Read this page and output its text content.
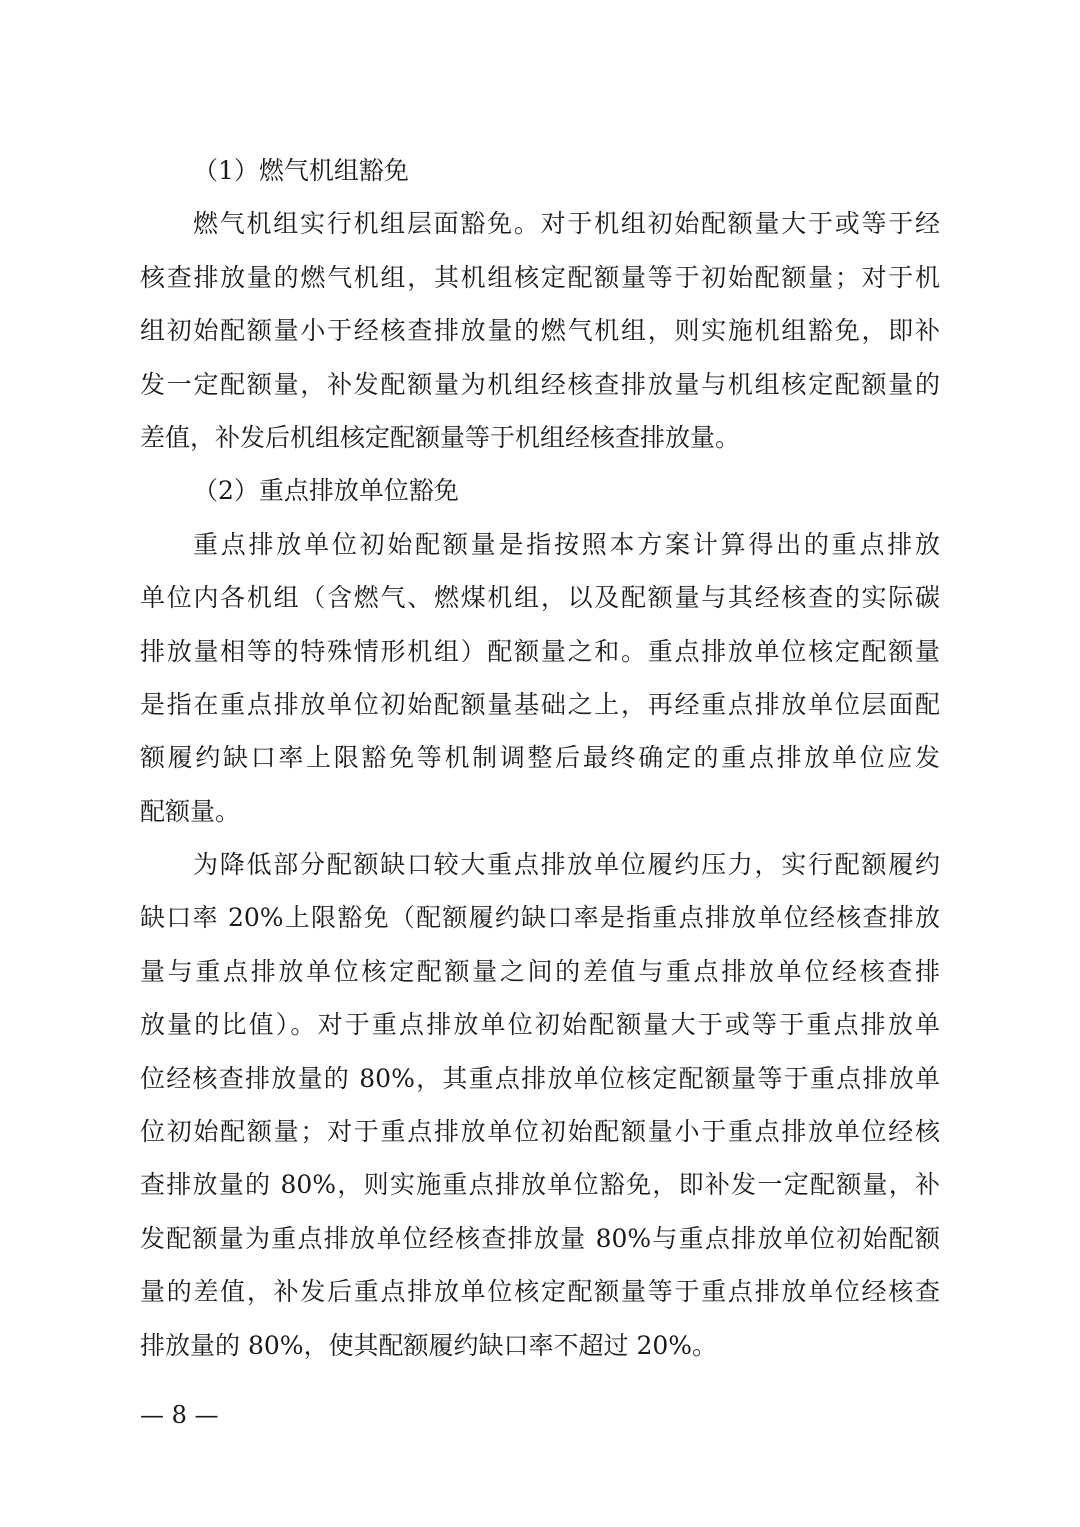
（1）燃气机组豁免
燃气机组实行机组层面豁免。对于机组初始配额量大于或等于经
核查排放量的燃气机组，其机组核定配额量等于初始配额量；对于机
组初始配额量小于经核查排放量的燃气机组，则实施机组豁免，即补
发一定配额量，补发配额量为机组经核查排放量与机组核定配额量的
差值，补发后机组核定配额量等于机组经核查排放量。
（2）重点排放单位豁免
重点排放单位初始配额量是指按照本方案计算得出的重点排放
单位内各机组（含燃气、燃煤机组，以及配额量与其经核查的实际碳
排放量相等的特殊情形机组）配额量之和。重点排放单位核定配额量
是指在重点排放单位初始配额量基础之上，再经重点排放单位层面配
额履约缺口率上限豁免等机制调整后最终确定的重点排放单位应发
配额量。
为降低部分配额缺口较大重点排放单位履约压力，实行配额履约
缺口率 20%上限豁免（配额履约缺口率是指重点排放单位经核查排放
量与重点排放单位核定配额量之间的差值与重点排放单位经核查排
放量的比值）。对于重点排放单位初始配额量大于或等于重点排放单
位经核查排放量的 80%，其重点排放单位核定配额量等于重点排放单
位初始配额量；对于重点排放单位初始配额量小于重点排放单位经核
查排放量的 80%，则实施重点排放单位豁免，即补发一定配额量，补
发配额量为重点排放单位经核查排放量 80%与重点排放单位初始配额
量的差值，补发后重点排放单位核定配额量等于重点排放单位经核查
排放量的 80%，使其配额履约缺口率不超过 20%。
— 8 —
